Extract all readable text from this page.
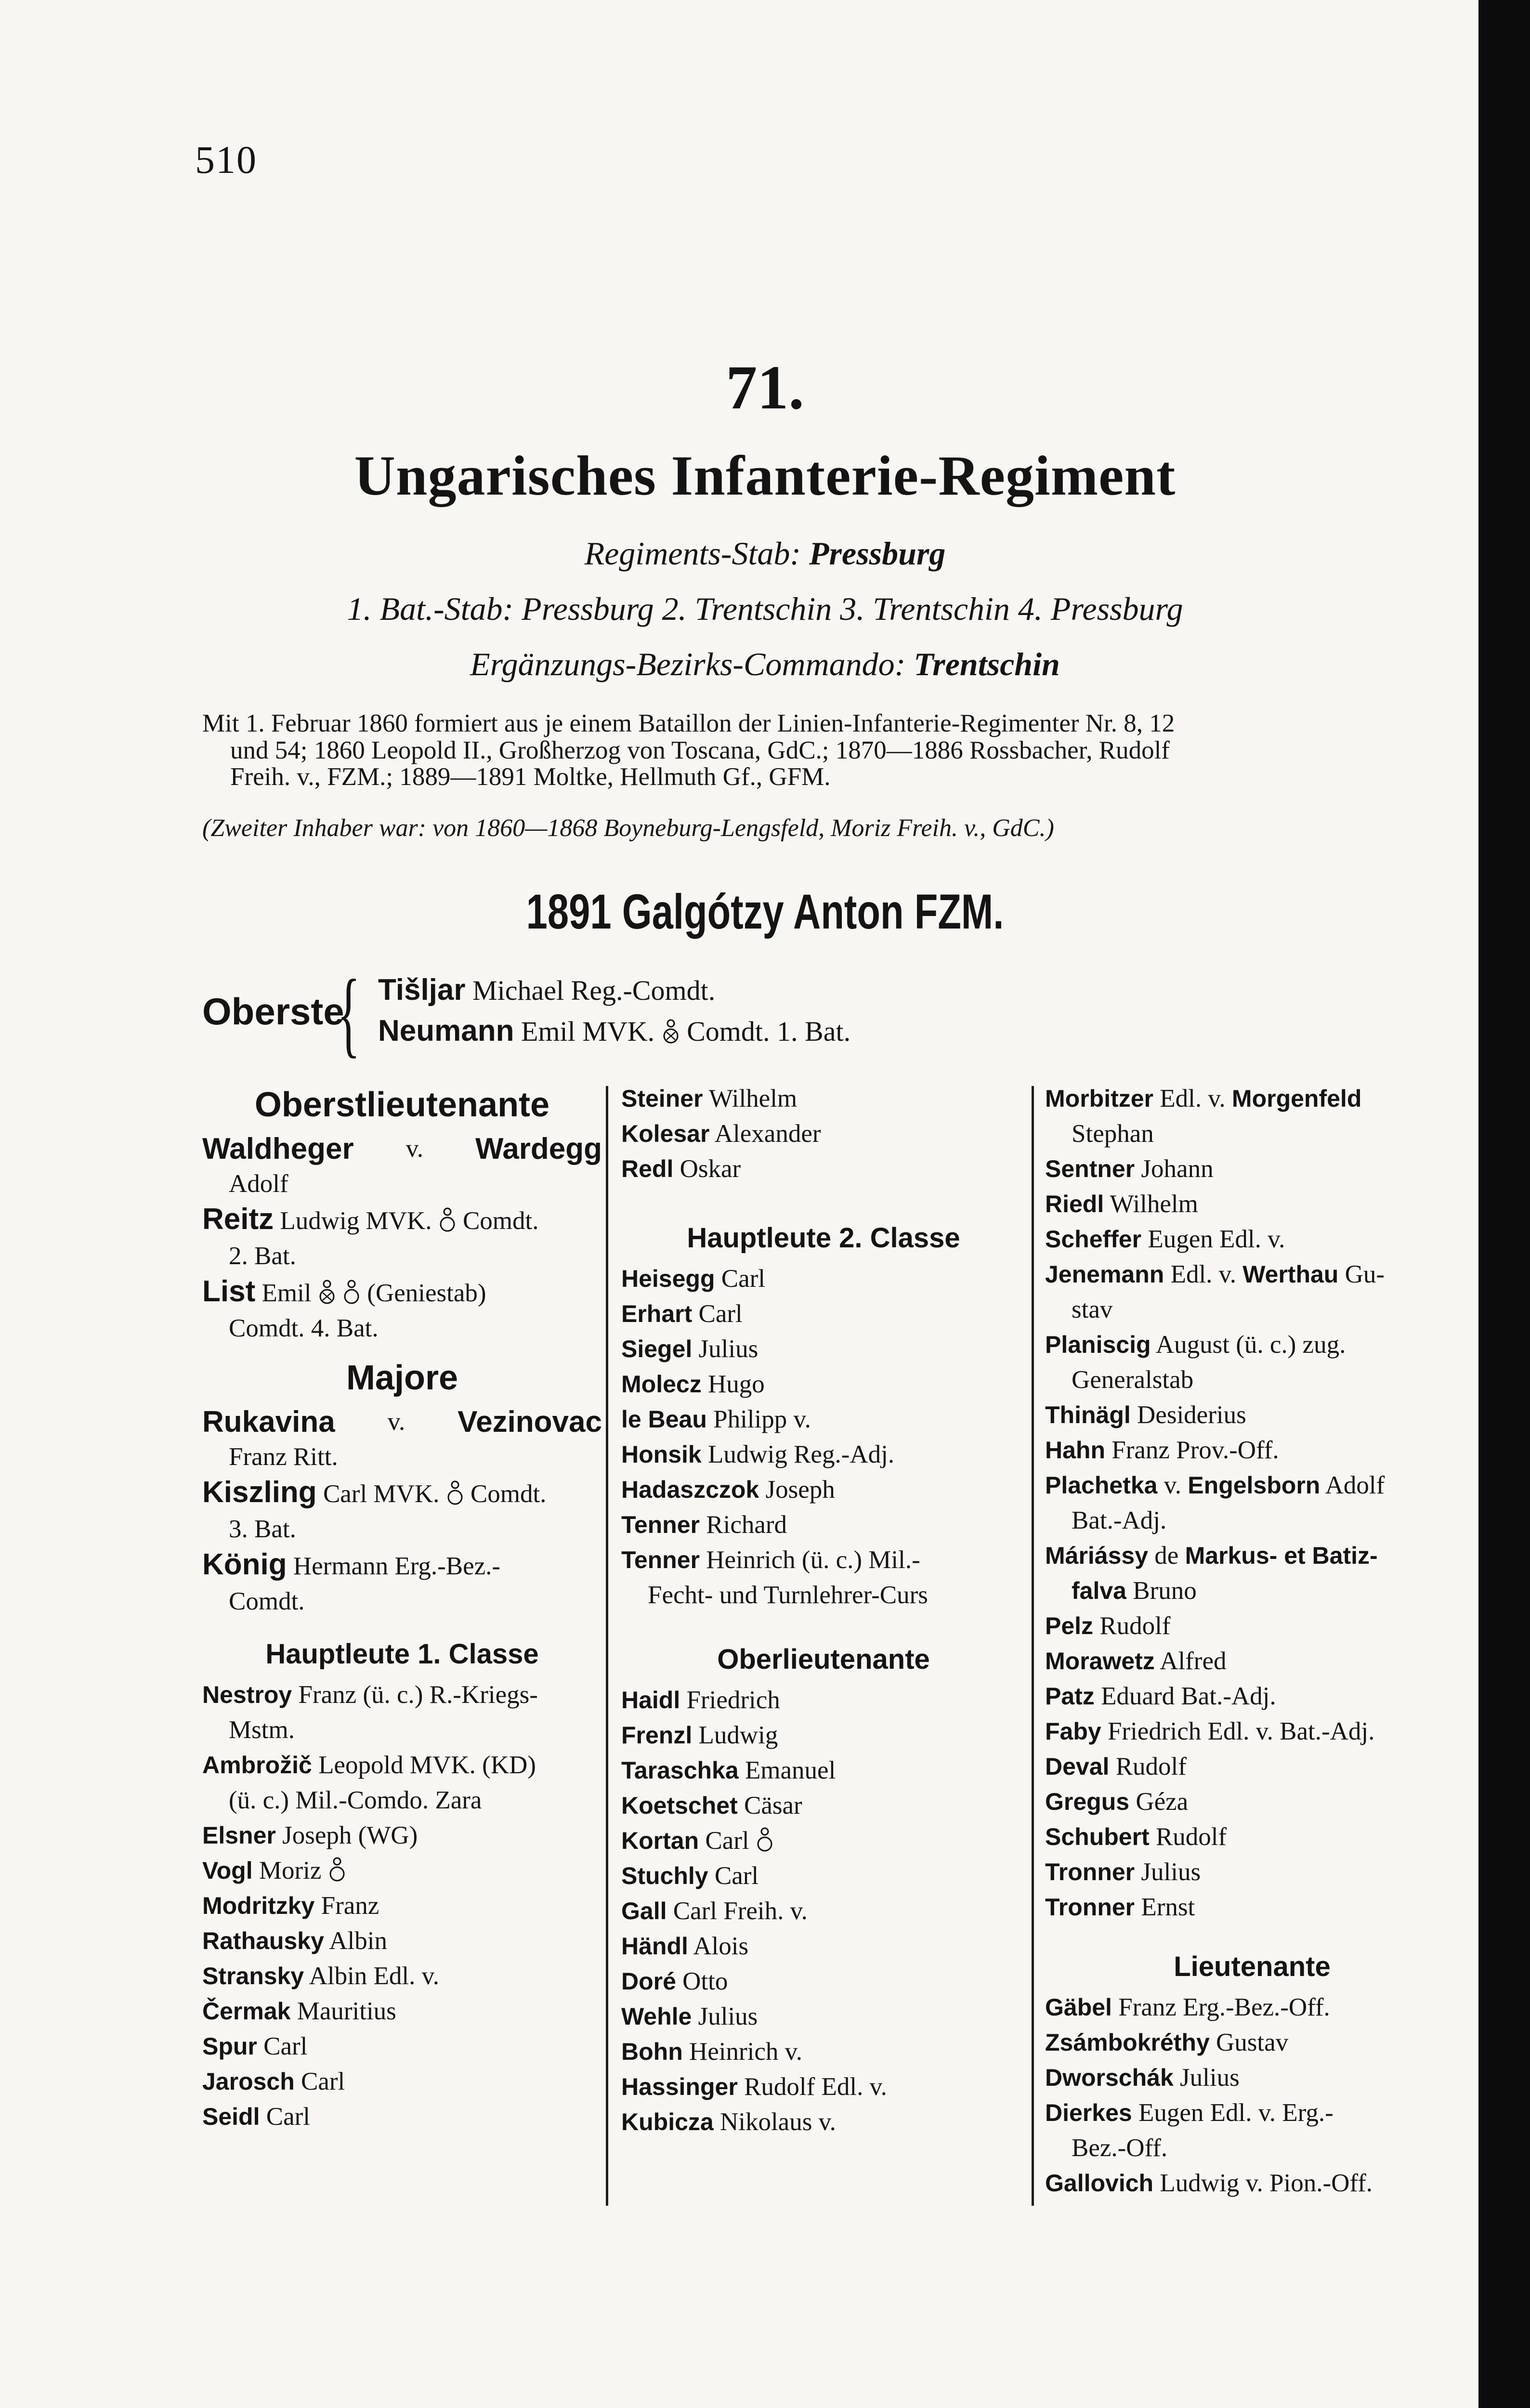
510
71.
Ungarisches Infanterie-Regiment
Regiments-Stab: Pressburg
1. Bat.-Stab: Pressburg 2. Trentschin 3. Trentschin 4. Pressburg
Ergänzungs-Bezirks-Commando: Trentschin
Mit 1. Februar 1860 formiert aus je einem Bataillon der Linien-Infanterie-Regimenter Nr. 8, 12
und 54; 1860 Leopold II., Großherzog von Toscana, GdC.; 1870—1886 Rossbacher, Rudolf
Freih. v., FZM.; 1889—1891 Moltke, Hellmuth Gf., GFM.
(Zweiter Inhaber war: von 1860—1868 Boyneburg-Lengsfeld, Moriz Freih. v., GdC.)
1891 Galgótzy Anton FZM.
Oberste
{ Tišljar Michael Reg.-Comdt.
Neumann Emil MVK. Comdt. 1. Bat.
Oberstlieutenante
Waldheger v. Wardegg
Adolf
Reitz Ludwig MVK. Comdt.
2. Bat.
List Emil (Geniestab)
Comdt. 4. Bat.
Majore
Rukavina v. Vezinovac
Franz Ritt.
Kiszling Carl MVK. Comdt.
3. Bat.
König Hermann Erg.-Bez.-
Comdt.
Hauptleute 1. Classe
Nestroy Franz (ü. c.) R.-Kriegs-
Mstm.
Ambrožič Leopold MVK. (KD)
(ü. c.) Mil.-Comdo. Zara
Elsner Joseph (WG)
Vogl Moriz
Modritzky Franz
Rathausky Albin
Stransky Albin Edl. v.
Čermak Mauritius
Spur Carl
Jarosch Carl
Seidl Carl
Steiner Wilhelm
Kolesar Alexander
Redl Oskar
Hauptleute 2. Classe
Heisegg Carl
Erhart Carl
Siegel Julius
Molecz Hugo
le Beau Philipp v.
Honsik Ludwig Reg.-Adj.
Hadaszczok Joseph
Tenner Richard
Tenner Heinrich (ü. c.) Mil.-
Fecht- und Turnlehrer-Curs
Oberlieutenante
Haidl Friedrich
Frenzl Ludwig
Taraschka Emanuel
Koetschet Cäsar
Kortan Carl
Stuchly Carl
Gall Carl Freih. v.
Händl Alois
Doré Otto
Wehle Julius
Bohn Heinrich v.
Hassinger Rudolf Edl. v.
Kubicza Nikolaus v.
Morbitzer Edl. v. Morgenfeld
Stephan
Sentner Johann
Riedl Wilhelm
Scheffer Eugen Edl. v.
Jenemann Edl. v. Werthau Gu-
stav
Planiscig August (ü. c.) zug.
Generalstab
Thinägl Desiderius
Hahn Franz Prov.-Off.
Plachetka v. Engelsborn Adolf
Bat.-Adj.
Máriássy de Markus- et Batiz-
falva Bruno
Pelz Rudolf
Morawetz Alfred
Patz Eduard Bat.-Adj.
Faby Friedrich Edl. v. Bat.-Adj.
Deval Rudolf
Gregus Géza
Schubert Rudolf
Tronner Julius
Tronner Ernst
Lieutenante
Gäbel Franz Erg.-Bez.-Off.
Zsámbokréthy Gustav
Dworschák Julius
Dierkes Eugen Edl. v. Erg.-
Bez.-Off.
Gallovich Ludwig v. Pion.-Off.
